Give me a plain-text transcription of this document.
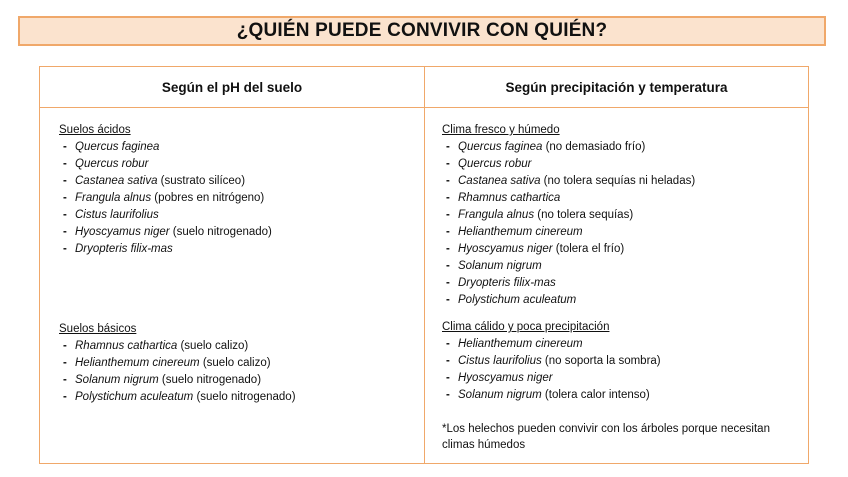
¿QUIÉN PUEDE CONVIVIR CON QUIÉN?
Según el pH del suelo	Según precipitación y temperatura
Suelos ácidos
- Quercus faginea
- Quercus robur
- Castanea sativa (sustrato silíceo)
- Frangula alnus (pobres en nitrógeno)
- Cistus laurifolius
- Hyoscyamus niger (suelo nitrogenado)
- Dryopteris filix-mas
Suelos básicos
- Rhamnus cathartica (suelo calizo)
- Helianthemum cinereum (suelo calizo)
- Solanum nigrum (suelo nitrogenado)
- Polystichum aculeatum (suelo nitrogenado)
Clima fresco y húmedo
- Quercus faginea (no demasiado frío)
- Quercus robur
- Castanea sativa (no tolera sequías ni heladas)
- Rhamnus cathartica
- Frangula alnus (no tolera sequías)
- Helianthemum cinereum
- Hyoscyamus niger (tolera el frío)
- Solanum nigrum
- Dryopteris filix-mas
- Polystichum aculeatum
Clima cálido y poca precipitación
- Helianthemum cinereum
- Cistus laurifolius (no soporta la sombra)
- Hyoscyamus niger
- Solanum nigrum (tolera calor intenso)
*Los helechos pueden convivir con los árboles porque necesitan climas húmedos
